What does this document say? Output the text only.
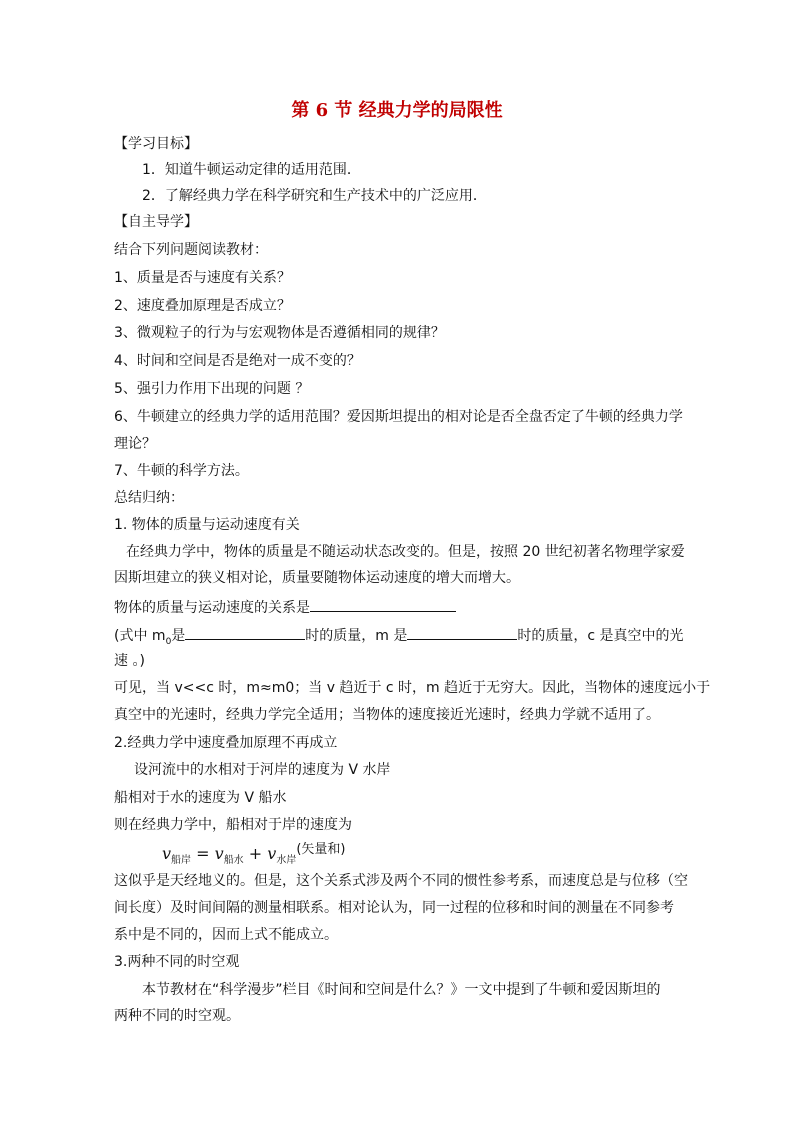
第 6 节 经典力学的局限性
【学习目标】
1．知道牛顿运动定律的适用范围．
2．了解经典力学在科学研究和生产技术中的广泛应用．
【自主导学】
结合下列问题阅读教材：
1、质量是否与速度有关系？
2、速度叠加原理是否成立？
3、微观粒子的行为与宏观物体是否遵循相同的规律？
4、时间和空间是否是绝对一成不变的？
5、强引力作用下出现的问题 ？
6、牛顿建立的经典力学的适用范围？爱因斯坦提出的相对论是否全盘否定了牛顿的经典力学
理论？
7、牛顿的科学方法。
总结归纳：
1. 物体的质量与运动速度有关
在经典力学中，物体的质量是不随运动状态改变的。但是，按照 20 世纪初著名物理学家爱
因斯坦建立的狭义相对论，质量要随物体运动速度的增大而增大。
物体的质量与运动速度的关系是
(式中 $m_0$是	时的质量，m 是	时的质量，c 是真空中的光
速 。)
可见，当 v<<c 时，m≈m0；当 v 趋近于 c 时，m 趋近于无穷大。因此，当物体的速度远小于
真空中的光速时，经典力学完全适用；当物体的速度接近光速时，经典力学就不适用了。
2.经典力学中速度叠加原理不再成立
设河流中的水相对于河岸的速度为 V 水岸
船相对于水的速度为 V 船水
则在经典力学中，船相对于岸的速度为
$v_{船岸} = v_{船水} + v_{水岸}^{(矢量和)}$
这似乎是天经地义的。但是，这个关系式涉及两个不同的惯性参考系，而速度总是与位移（空
间长度）及时间间隔的测量相联系。相对论认为，同一过程的位移和时间的测量在不同参考
系中是不同的，因而上式不能成立。
3.两种不同的时空观
本节教材在“科学漫步”栏目《时间和空间是什么？》一文中提到了牛顿和爱因斯坦的
两种不同的时空观。
